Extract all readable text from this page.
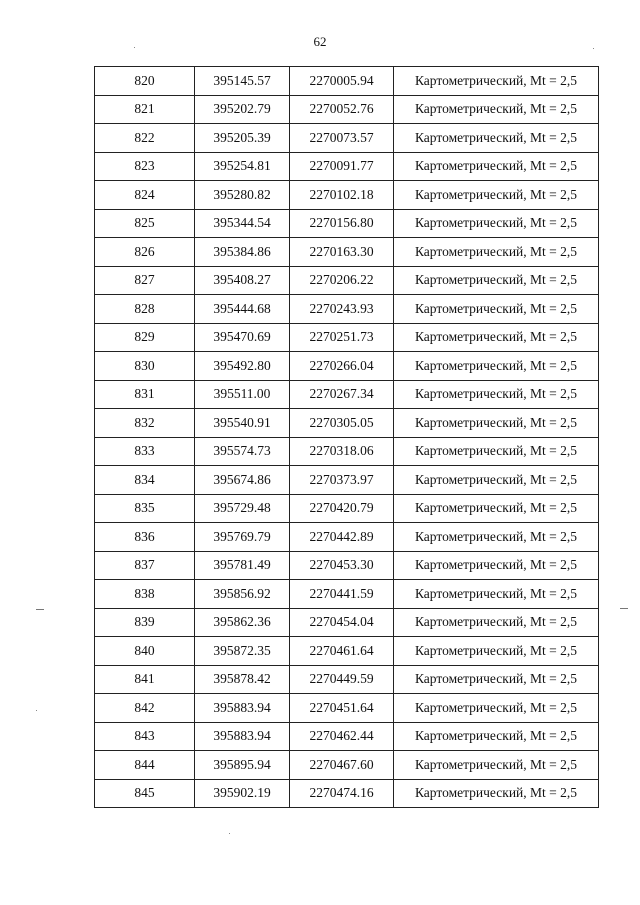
62
820	395145.57	2270005.94	Картометрический, Mt = 2,5
821	395202.79	2270052.76	Картометрический, Mt = 2,5
822	395205.39	2270073.57	Картометрический, Mt = 2,5
823	395254.81	2270091.77	Картометрический, Mt = 2,5
824	395280.82	2270102.18	Картометрический, Mt = 2,5
825	395344.54	2270156.80	Картометрический, Mt = 2,5
826	395384.86	2270163.30	Картометрический, Mt = 2,5
827	395408.27	2270206.22	Картометрический, Mt = 2,5
828	395444.68	2270243.93	Картометрический, Mt = 2,5
829	395470.69	2270251.73	Картометрический, Mt = 2,5
830	395492.80	2270266.04	Картометрический, Mt = 2,5
831	395511.00	2270267.34	Картометрический, Mt = 2,5
832	395540.91	2270305.05	Картометрический, Mt = 2,5
833	395574.73	2270318.06	Картометрический, Mt = 2,5
834	395674.86	2270373.97	Картометрический, Mt = 2,5
835	395729.48	2270420.79	Картометрический, Mt = 2,5
836	395769.79	2270442.89	Картометрический, Mt = 2,5
837	395781.49	2270453.30	Картометрический, Mt = 2,5
838	395856.92	2270441.59	Картометрический, Mt = 2,5
839	395862.36	2270454.04	Картометрический, Mt = 2,5
840	395872.35	2270461.64	Картометрический, Mt = 2,5
841	395878.42	2270449.59	Картометрический, Mt = 2,5
842	395883.94	2270451.64	Картометрический, Mt = 2,5
843	395883.94	2270462.44	Картометрический, Mt = 2,5
844	395895.94	2270467.60	Картометрический, Mt = 2,5
845	395902.19	2270474.16	Картометрический, Mt = 2,5
